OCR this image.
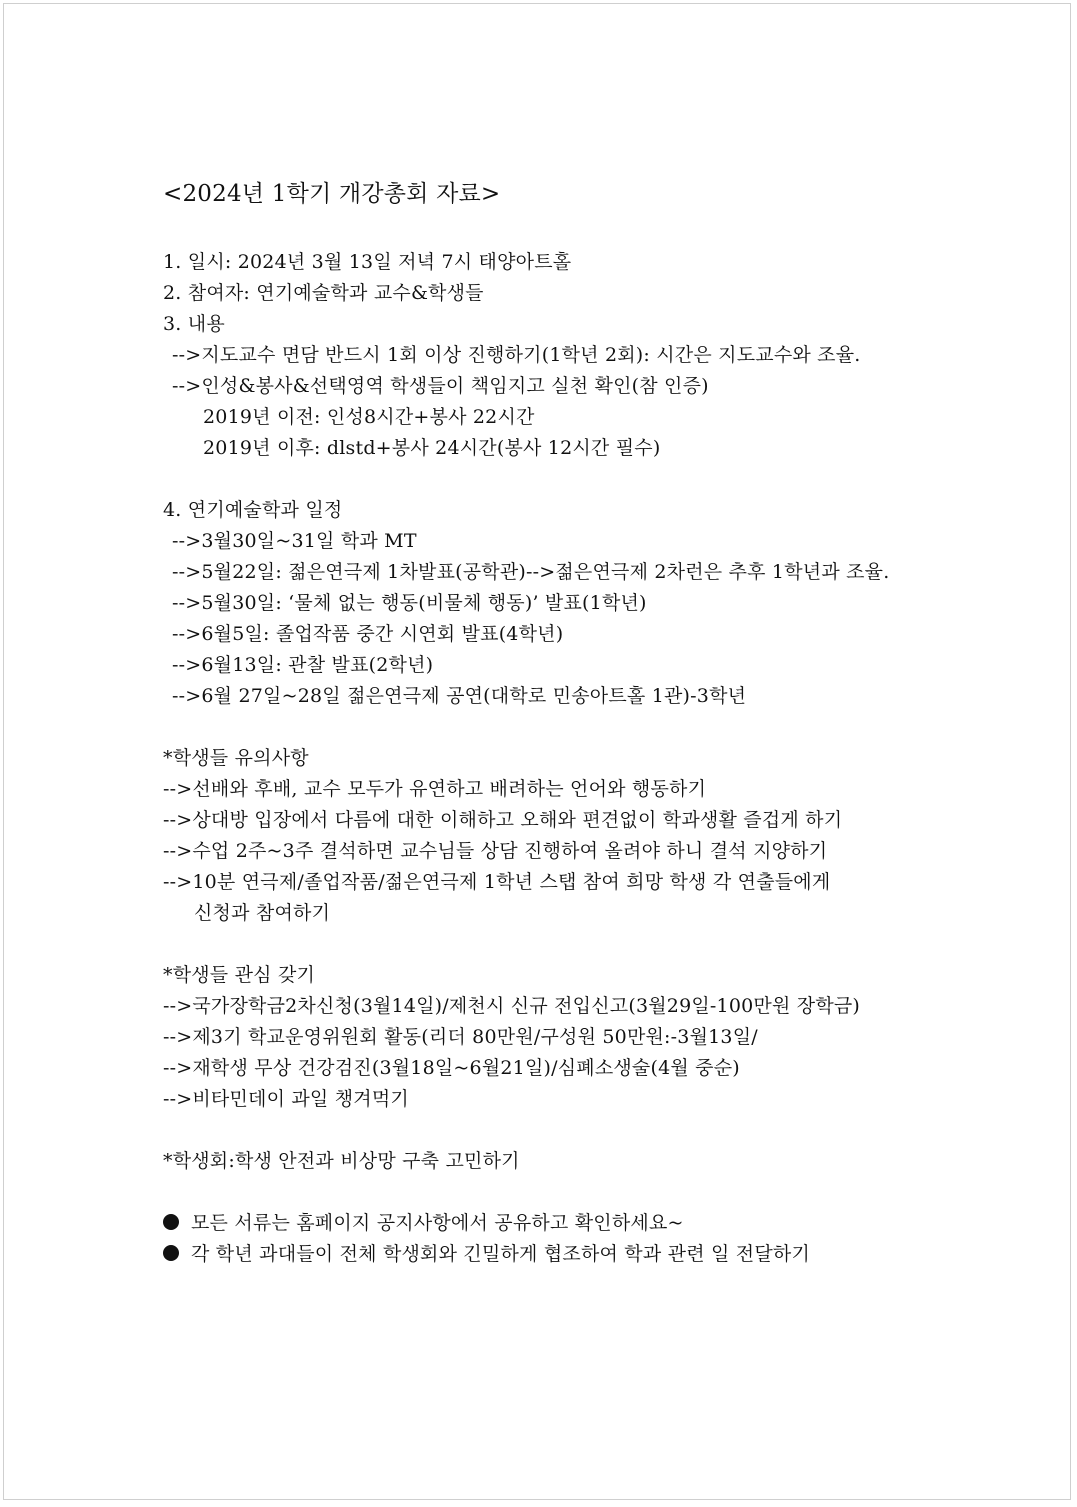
<2024년 1학기 개강총회 자료>
1. 일시: 2024년 3월 13일 저녁 7시 태양아트홀
2. 참여자: 연기예술학과 교수&학생들
3. 내용
-->지도교수 면담 반드시 1회 이상 진행하기(1학년 2회): 시간은 지도교수와 조율.
-->인성&봉사&선택영역 학생들이 책임지고 실천 확인(참 인증)
2019년 이전: 인성8시간+봉사 22시간
2019년 이후: dlstd+봉사 24시간(봉사 12시간 필수)
4. 연기예술학과 일정
-->3월30일~31일 학과 MT
-->5월22일: 젊은연극제 1차발표(공학관)-->젊은연극제 2차런은 추후 1학년과 조율.
-->5월30일: ‘물체 없는 행동(비물체 행동)’ 발표(1학년)
-->6월5일: 졸업작품 중간 시연회 발표(4학년)
-->6월13일: 관찰 발표(2학년)
-->6월 27일~28일 젊은연극제 공연(대학로 민송아트홀 1관)-3학년
*학생들 유의사항
-->선배와 후배, 교수 모두가 유연하고 배려하는 언어와 행동하기
-->상대방 입장에서 다름에 대한 이해하고 오해와 편견없이 학과생활 즐겁게 하기
-->수업 2주~3주 결석하면 교수님들 상담 진행하여 올려야 하니 결석 지양하기
-->10분 연극제/졸업작품/젊은연극제 1학년 스탭 참여 희망 학생 각 연출들에게
신청과 참여하기
*학생들 관심 갖기
-->국가장학금2차신청(3월14일)/제천시 신규 전입신고(3월29일-100만원 장학금)
-->제3기 학교운영위원회 활동(리더 80만원/구성원 50만원:-3월13일/
-->재학생 무상 건강검진(3월18일~6월21일)/심폐소생술(4월 중순)
-->비타민데이 과일 챙겨먹기
*학생회:학생 안전과 비상망 구축 고민하기
모든 서류는 홈페이지 공지사항에서 공유하고 확인하세요~
각 학년 과대들이 전체 학생회와 긴밀하게 협조하여 학과 관련 일 전달하기
